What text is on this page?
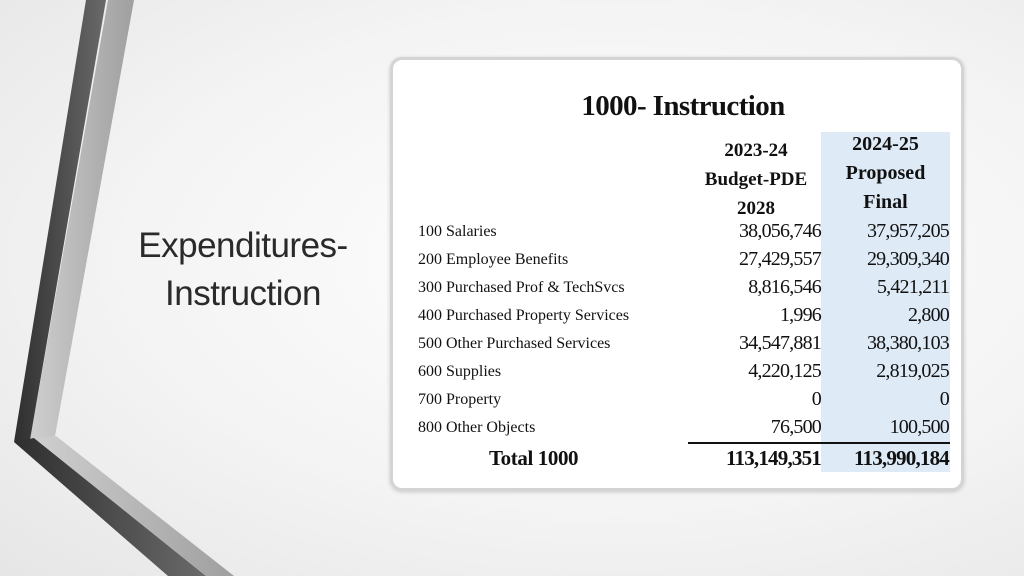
Expenditures-
Instruction
1000- Instruction
2023-24
Budget-PDE
2028
2024-25
Proposed
Final
100 Salaries	38,056,746 37,957,205
200 Employee Benefits	27,429,557 29,309,340
300 Purchased Prof & TechSvcs	8,816,546	5,421,211
400 Purchased Property Services	1,996	2,800
500 Other Purchased Services	34,547,881 38,380,103
600 Supplies	4,220,125	2,819,025
700 Property	0	0
800 Other Objects	76,500	100,500
Total 1000	113,149,351 113,990,184
